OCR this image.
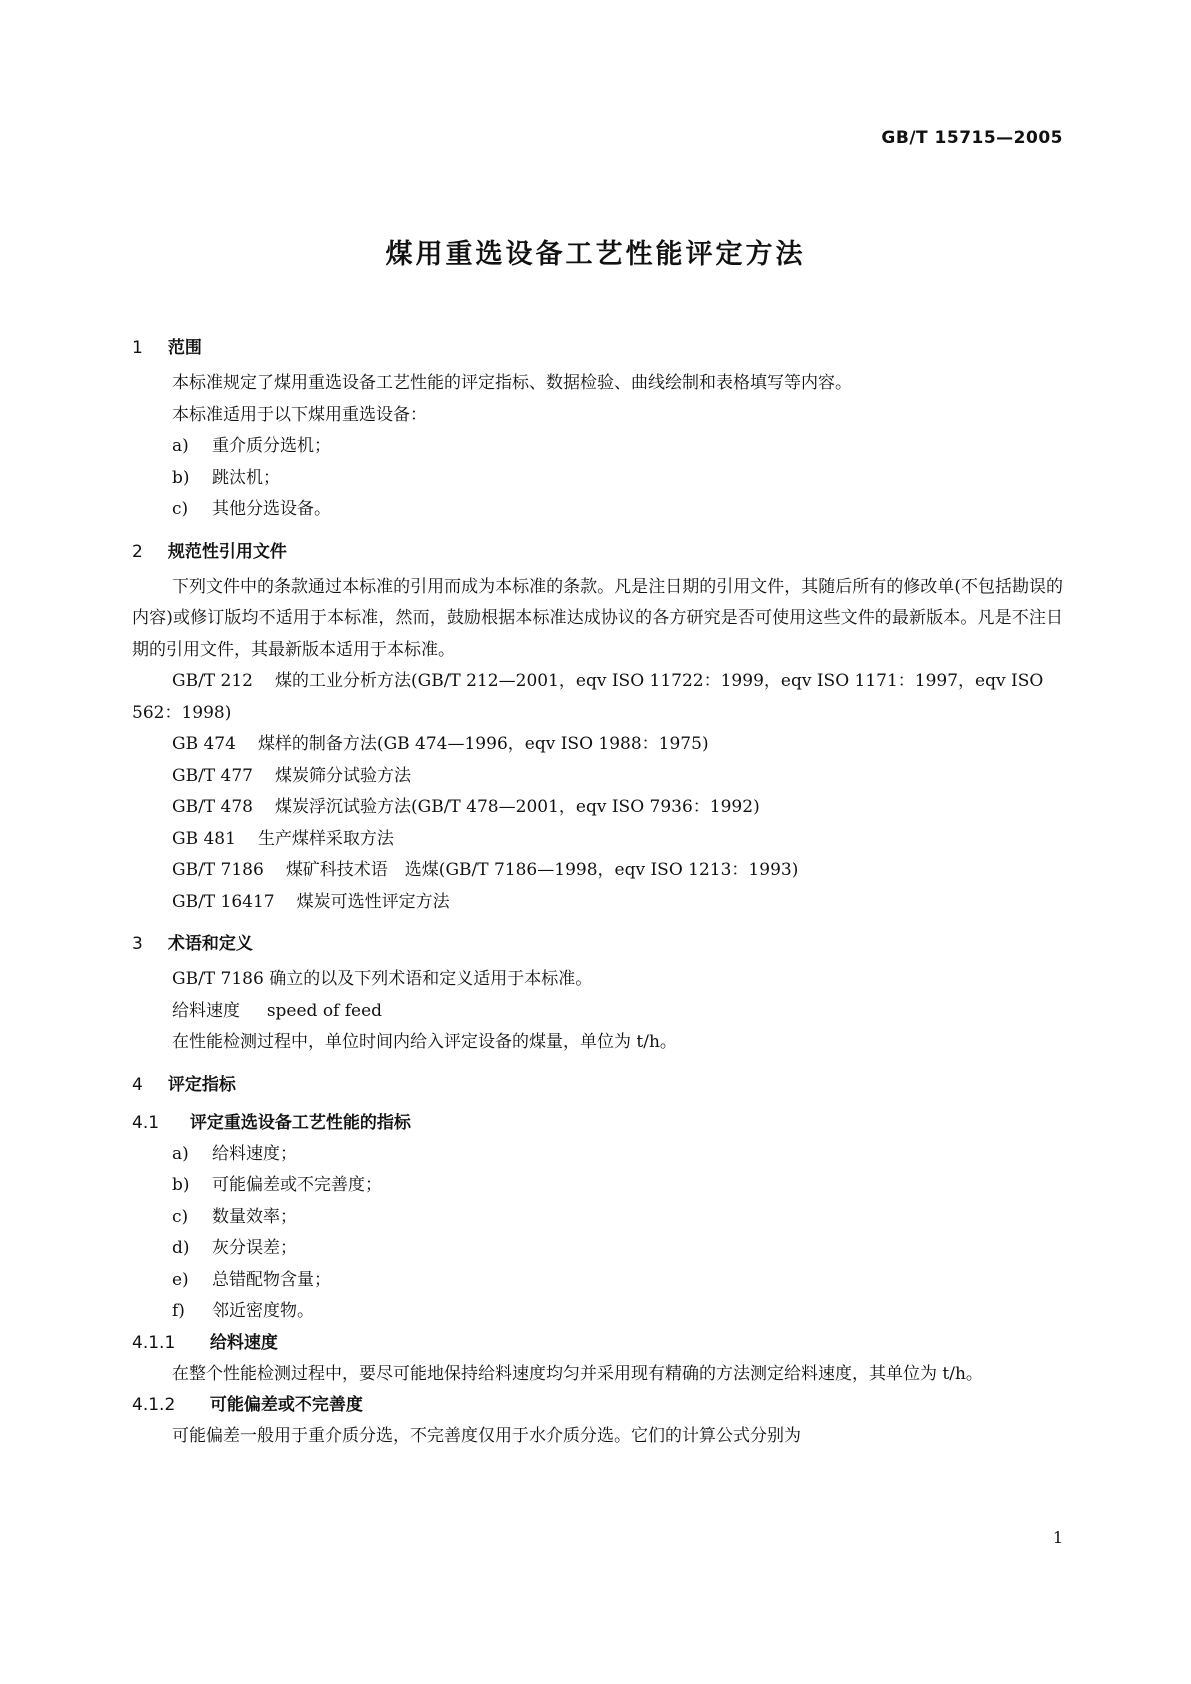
GB/T 15715—2005
煤用重选设备工艺性能评定方法
1 范围
本标准规定了煤用重选设备工艺性能的评定指标、数据检验、曲线绘制和表格填写等内容。
本标准适用于以下煤用重选设备：
a) 重介质分选机；
b) 跳汰机；
c) 其他分选设备。
2 规范性引用文件
下列文件中的条款通过本标准的引用而成为本标准的条款。凡是注日期的引用文件，其随后所有的修改单(不包括勘误的内容)或修订版均不适用于本标准，然而，鼓励根据本标准达成协议的各方研究是否可使用这些文件的最新版本。凡是不注日期的引用文件，其最新版本适用于本标准。
GB/T 212 煤的工业分析方法(GB/T 212—2001，eqv ISO 11722：1999，eqv ISO 1171：1997，eqv ISO 562：1998)
GB 474 煤样的制备方法(GB 474—1996，eqv ISO 1988：1975)
GB/T 477 煤炭筛分试验方法
GB/T 478 煤炭浮沉试验方法(GB/T 478—2001，eqv ISO 7936：1992)
GB 481 生产煤样采取方法
GB/T 7186 煤矿科技术语　选煤(GB/T 7186—1998，eqv ISO 1213：1993)
GB/T 16417 煤炭可选性评定方法
3 术语和定义
GB/T 7186 确立的以及下列术语和定义适用于本标准。
给料速度 speed of feed
在性能检测过程中，单位时间内给入评定设备的煤量，单位为 t/h。
4 评定指标
4.1 评定重选设备工艺性能的指标
a) 给料速度；
b) 可能偏差或不完善度；
c) 数量效率；
d) 灰分误差；
e) 总错配物含量；
f) 邻近密度物。
4.1.1 给料速度
在整个性能检测过程中，要尽可能地保持给料速度均匀并采用现有精确的方法测定给料速度，其单位为 t/h。
4.1.2 可能偏差或不完善度
可能偏差一般用于重介质分选，不完善度仅用于水介质分选。它们的计算公式分别为
1
